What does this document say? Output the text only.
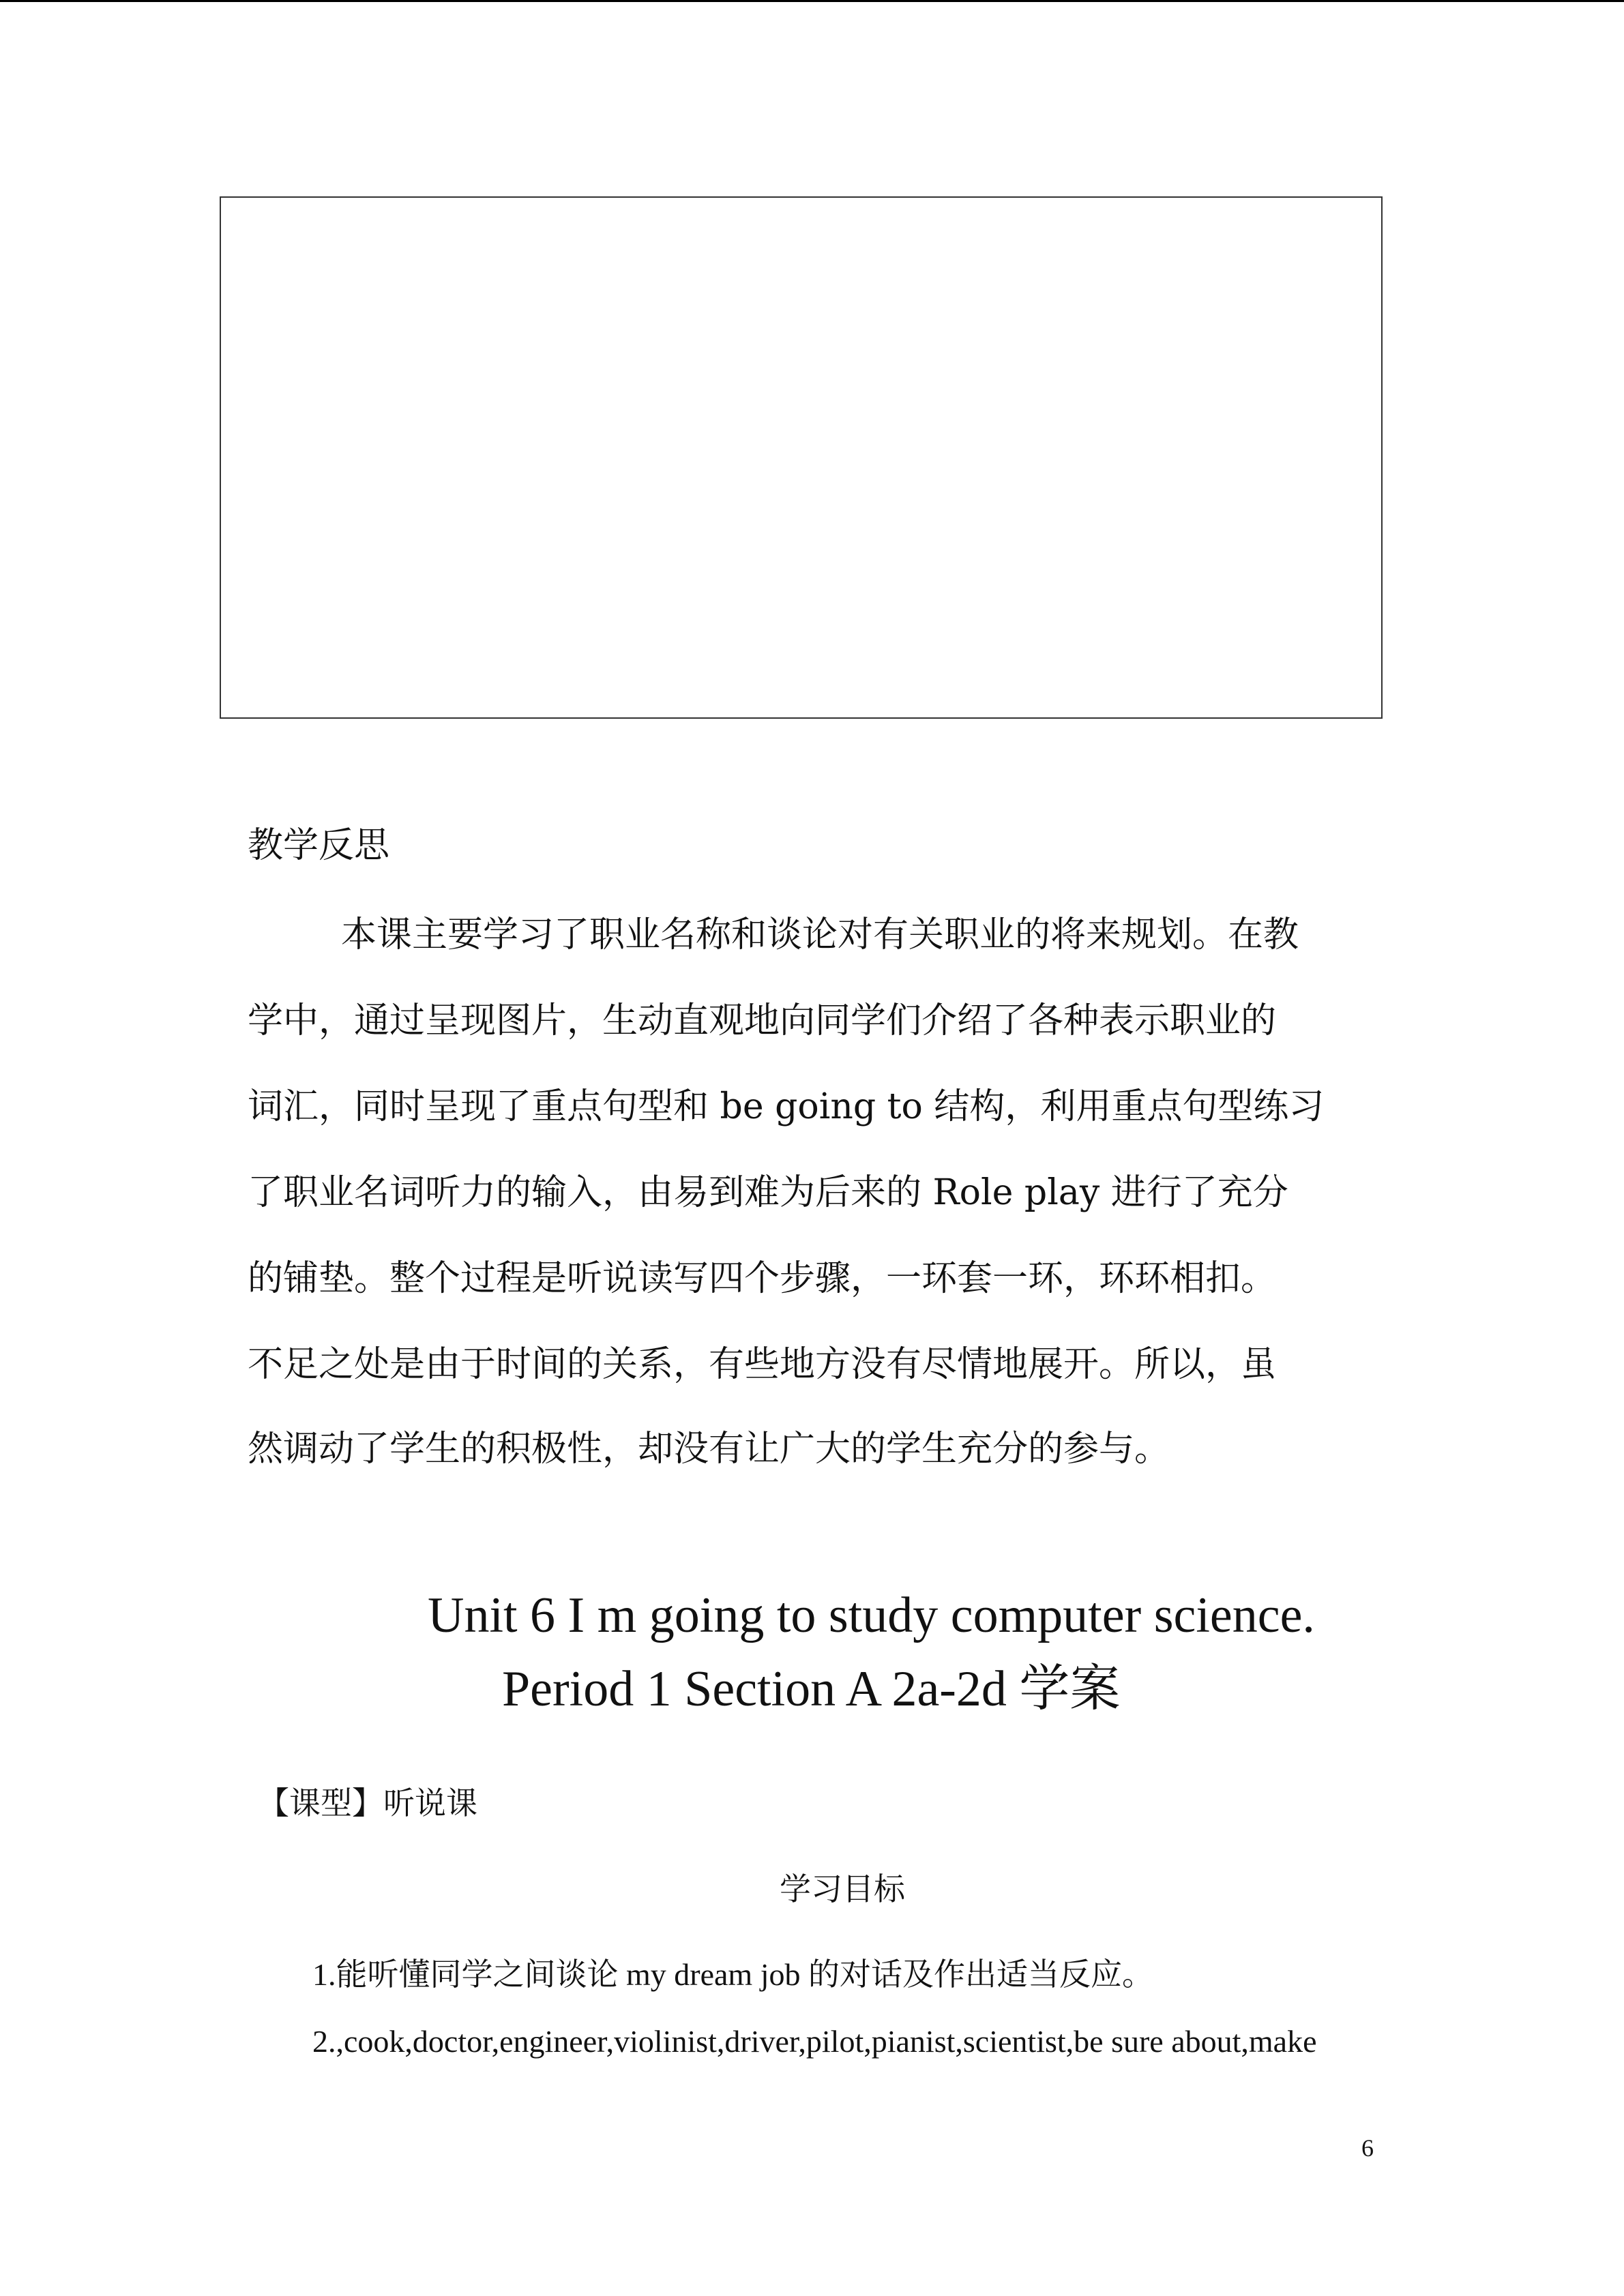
教学反思
本课主要学习了职业名称和谈论对有关职业的将来规划。在教
学中，通过呈现图片，生动直观地向同学们介绍了各种表示职业的
词汇，同时呈现了重点句型和 be going to 结构，利用重点句型练习
了职业名词听力的输入，由易到难为后来的 Role play 进行了充分
的铺垫。整个过程是听说读写四个步骤，一环套一环，环环相扣。
不足之处是由于时间的关系，有些地方没有尽情地展开。所以，虽
然调动了学生的积极性，却没有让广大的学生充分的参与。
Unit 6 I m going to study computer science.
Period 1 Section A 2a-2d 学案
【课型】听说课
学习目标
1.能听懂同学之间谈论 my dream job 的对话及作出适当反应。
2.,cook,doctor,engineer,violinist,driver,pilot,pianist,scientist,be sure about,make
6
